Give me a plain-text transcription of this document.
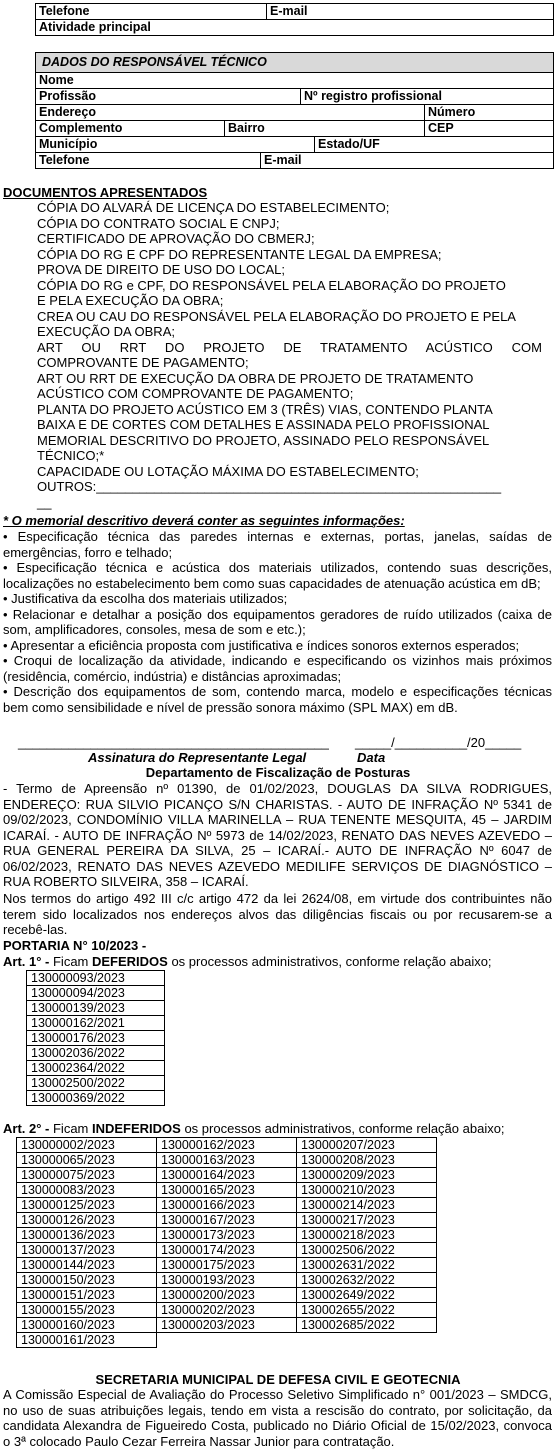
Telefone	E-mail
Atividade principal
DADOS DO RESPONSÁVEL TÉCNICO
Nome
Profissão	Nº registro profissional
Endereço	Número
Complemento	Bairro	CEP
Município	Estado/UF
Telefone	E-mail
DOCUMENTOS APRESENTADOS
CÓPIA DO ALVARÁ DE LICENÇA DO ESTABELECIMENTO;
CÓPIA DO CONTRATO SOCIAL E CNPJ;
CERTIFICADO DE APROVAÇÃO DO CBMERJ;
CÓPIA DO RG E CPF DO REPRESENTANTE LEGAL DA EMPRESA;
PROVA DE DIREITO DE USO DO LOCAL;
CÓPIA DO RG e CPF, DO RESPONSÁVEL PELA ELABORAÇÃO DO PROJETO
E PELA EXECUÇÃO DA OBRA;
CREA OU CAU DO RESPONSÁVEL PELA ELABORAÇÃO DO PROJETO E PELA
EXECUÇÃO DA OBRA;
ART OU RRT DO PROJETO DE TRATAMENTO ACÚSTICO COM
COMPROVANTE DE PAGAMENTO;
ART OU RRT DE EXECUÇÃO DA OBRA DE PROJETO DE TRATAMENTO
ACÚSTICO COM COMPROVANTE DE PAGAMENTO;
PLANTA DO PROJETO ACÚSTICO EM 3 (TRÊS) VIAS, CONTENDO PLANTA
BAIXA E DE CORTES COM DETALHES E ASSINADA PELO PROFISSIONAL
MEMORIAL DESCRITIVO DO PROJETO, ASSINADO PELO RESPONSÁVEL
TÉCNICO;*
CAPACIDADE OU LOTAÇÃO MÁXIMA DO ESTABELECIMENTO;
OUTROS:________________________________________________________
__
* O memorial descritivo deverá conter as seguintes informações:
• Especificação técnica das paredes internas e externas, portas, janelas, saídas de emergências, forro e telhado;
• Especificação técnica e acústica dos materiais utilizados, contendo suas descrições, localizações no estabelecimento bem como suas capacidades de atenuação acústica em dB;
• Justificativa da escolha dos materiais utilizados;
• Relacionar e detalhar a posição dos equipamentos geradores de ruído utilizados (caixa de som, amplificadores, consoles, mesa de som e etc.);
• Apresentar a eficiência proposta com justificativa e índices sonoros externos esperados;
• Croqui de localização da atividade, indicando e especificando os vizinhos mais próximos (residência, comércio, indústria) e distâncias aproximadas;
• Descrição dos equipamentos de som, contendo marca, modelo e especificações técnicas bem como sensibilidade e nível de pressão sonora máximo (SPL MAX) em dB.
___________________________________________ _____/__________/20_____
Assinatura do Representante Legal	Data
Departamento de Fiscalização de Posturas
- Termo de Apreensão nº 01390, de 01/02/2023, DOUGLAS DA SILVA RODRIGUES, ENDEREÇO: RUA SILVIO PICANÇO S/N CHARISTAS. - AUTO DE INFRAÇÃO Nº 5341 de 09/02/2023, CONDOMÍNIO VILLA MARINELLA – RUA TENENTE MESQUITA, 45 – JARDIM ICARAÍ. - AUTO DE INFRAÇÃO Nº 5973 de 14/02/2023, RENATO DAS NEVES AZEVEDO – RUA GENERAL PEREIRA DA SILVA, 25 – ICARAÍ.- AUTO DE INFRAÇÃO Nº 6047 de 06/02/2023, RENATO DAS NEVES AZEVEDO MEDILIFE SERVIÇOS DE DIAGNÓSTICO – RUA ROBERTO SILVEIRA, 358 – ICARAÍ.
Nos termos do artigo 492 III c/c artigo 472 da lei 2624/08, em virtude dos contribuintes não terem sido localizados nos endereços alvos das diligências fiscais ou por recusarem-se a recebê-las.
PORTARIA N° 10/2023 -
Art. 1° - Ficam DEFERIDOS os processos administrativos, conforme relação abaixo;
130000093/2023
130000094/2023
130000139/2023
130000162/2021
130000176/2023
130002036/2022
130002364/2022
130002500/2022
130000369/2022
Art. 2° - Ficam INDEFERIDOS os processos administrativos, conforme relação abaixo;
130000002/2023	130000162/2023	130000207/2023
130000065/2023	130000163/2023	130000208/2023
130000075/2023	130000164/2023	130000209/2023
130000083/2023	130000165/2023	130000210/2023
130000125/2023	130000166/2023	130000214/2023
130000126/2023	130000167/2023	130000217/2023
130000136/2023	130000173/2023	130000218/2023
130000137/2023	130000174/2023	130002506/2022
130000144/2023	130000175/2023	130002631/2022
130000150/2023	130000193/2023	130002632/2022
130000151/2023	130000200/2023	130002649/2022
130000155/2023	130000202/2023	130002655/2022
130000160/2023	130000203/2023	130002685/2022
130000161/2023		
SECRETARIA MUNICIPAL DE DEFESA CIVIL E GEOTECNIA
A Comissão Especial de Avaliação do Processo Seletivo Simplificado n° 001/2023 – SMDCG, no uso de suas atribuições legais, tendo em vista a rescisão do contrato, por solicitação, da candidata Alexandra de Figueiredo Costa, publicado no Diário Oficial de 15/02/2023, convoca o 3ª colocado Paulo Cezar Ferreira Nassar Junior para contratação.
